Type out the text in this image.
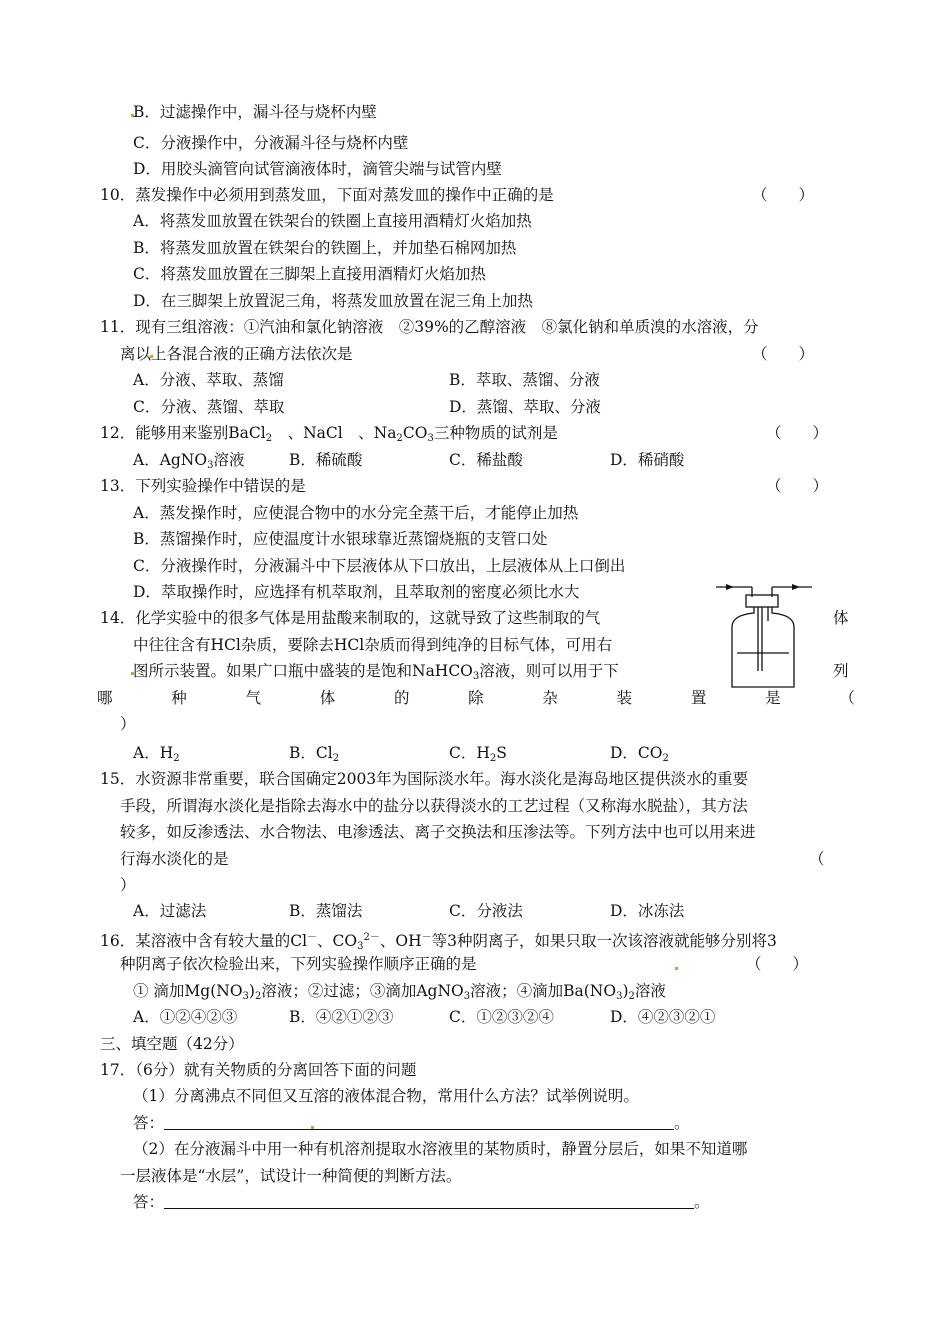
B．过滤操作中，漏斗径与烧杯内壁
C．分液操作中，分液漏斗径与烧杯内壁
D．用胶头滴管向试管滴液体时，滴管尖端与试管内壁
10．蒸发操作中必须用到蒸发皿，下面对蒸发皿的操作中正确的是	（　　）
A．将蒸发皿放置在铁架台的铁圈上直接用酒精灯火焰加热
B．将蒸发皿放置在铁架台的铁圈上，并加垫石棉网加热
C．将蒸发皿放置在三脚架上直接用酒精灯火焰加热
D．在三脚架上放置泥三角，将蒸发皿放置在泥三角上加热
11．现有三组溶液：①汽油和氯化钠溶液　②39%的乙醇溶液　⑧氯化钠和单质溴的水溶液，分
离以上各混合液的正确方法依次是	（　　）
A．分液、萃取、蒸馏	B．萃取、蒸馏、分液
C．分液、蒸馏、萃取	D．蒸馏、萃取、分液
12．能够用来鉴别BaCl$_2$　、NaCl　、$Na_2CO_3$三种物质的试剂是	（　　）
A．AgNO$_3$溶液	B．稀硫酸	C．稀盐酸	D．稀硝酸
13．下列实验操作中错误的是	（　　）
A．蒸发操作时，应使混合物中的水分完全蒸干后，才能停止加热
B．蒸馏操作时，应使温度计水银球靠近蒸馏烧瓶的支管口处
C．分液操作时，分液漏斗中下层液体从下口放出，上层液体从上口倒出
D．萃取操作时，应选择有机萃取剂，且萃取剂的密度必须比水大
14．化学实验中的很多气体是用盐酸来制取的，这就导致了这些制取的气	体
中往往含有HCl杂质，要除去HCl杂质而得到纯净的目标气体，可用右
图所示装置。如果广口瓶中盛装的是饱和NaHCO$_3$溶液，则可以用于下	列
哪	种	气	体	的	除	杂	装	置	是	（
）
A．$H_2$	B．$Cl_2$	C．$H_2S$	D．$CO_2$
15．水资源非常重要，联合国确定2003年为国际淡水年。海水淡化是海岛地区提供淡水的重要
手段，所谓海水淡化是指除去海水中的盐分以获得淡水的工艺过程（又称海水脱盐），其方法
较多，如反渗透法、水合物法、电渗透法、离子交换法和压渗法等。下列方法中也可以用来进
行海水淡化的是	（
）
A．过滤法	B．蒸馏法	C．分液法	D．冰冻法
16．某溶液中含有较大量的Cl－、$CO_3^{2-}$、OH－等3种阴离子，如果只取一次该溶液就能够分别将3
种阴离子依次检验出来，下列实验操作顺序正确的是	（　　）
① 滴加$Mg(NO_3)_2$溶液；②过滤；③滴加AgNO$_3$溶液；④滴加$Ba(NO_3)_2$溶液
A．①②④②③	B．④②①②③	C．①②③②④	D．④②③②①
三、填空题（42分）
17．（6分）就有关物质的分离回答下面的问题
（1）分离沸点不同但又互溶的液体混合物，常用什么方法？试举例说明。
答：	。
（2）在分液漏斗中用一种有机溶剂提取水溶液里的某物质时，静置分层后，如果不知道哪
一层液体是“水层”，试设计一种简便的判断方法。
答：	。
